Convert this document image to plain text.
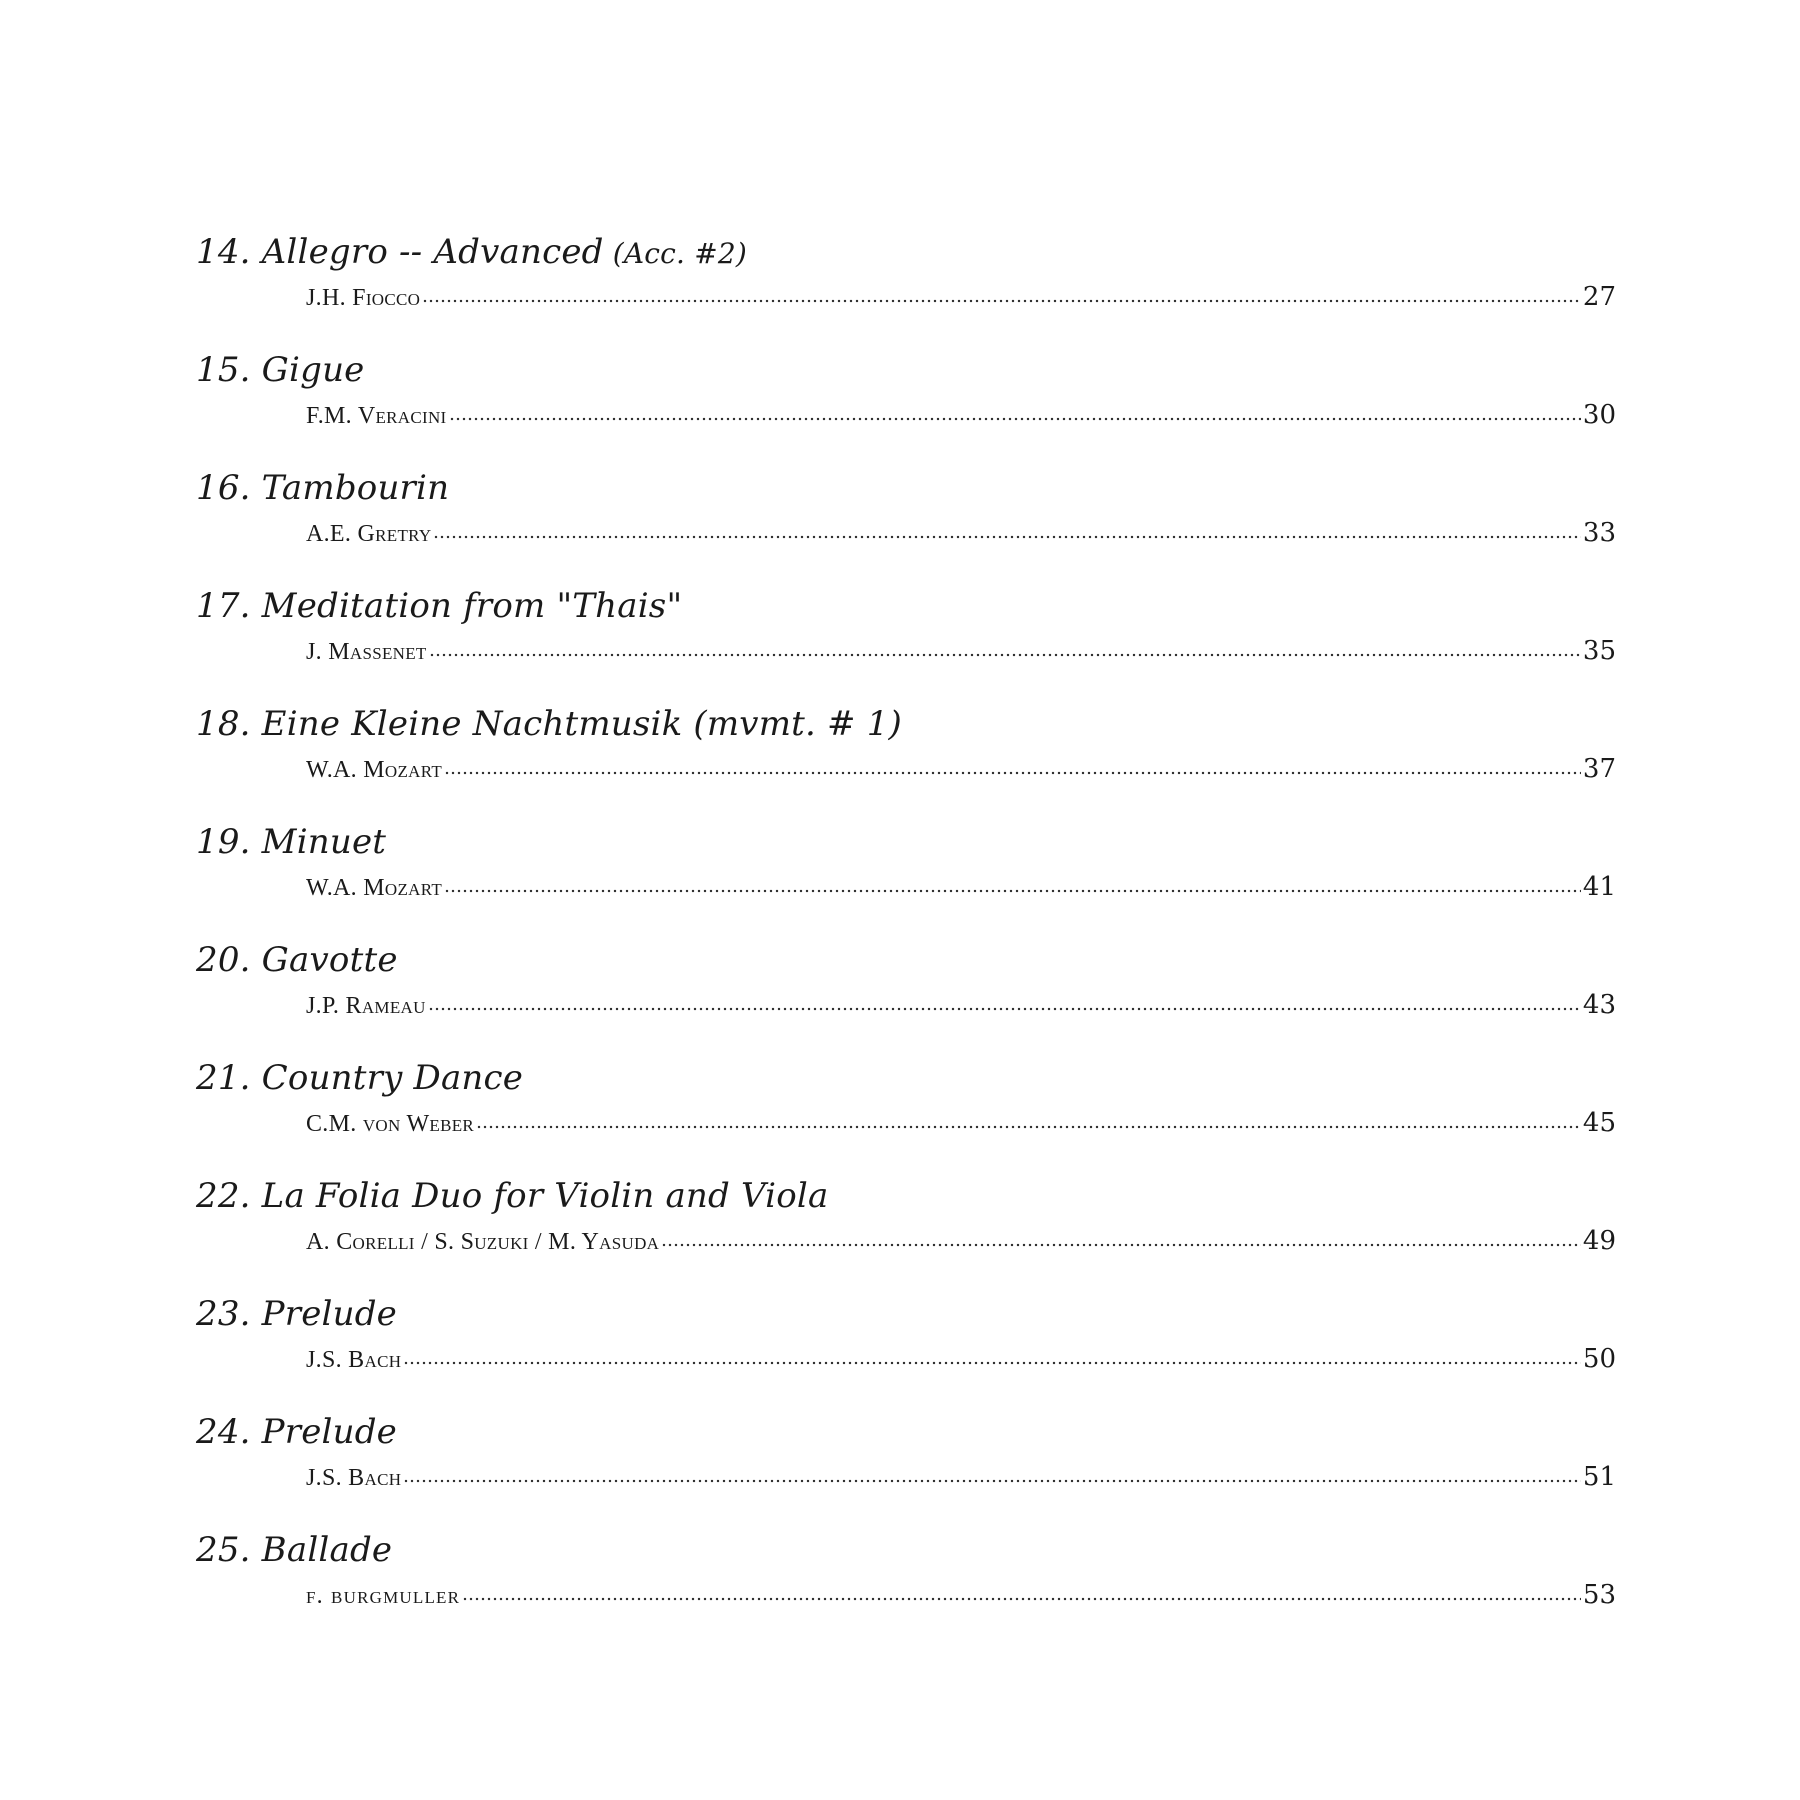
14. Allegro -- Advanced (Acc. #2)
J.H. Fiocco	27
15. Gigue
F.M. Veracini	30
16. Tambourin
A.E. Gretry	33
17. Meditation from "Thais"
J. Massenet	35
18. Eine Kleine Nachtmusik (mvmt. # 1)
W.A. Mozart	37
19. Minuet
W.A. Mozart	41
20. Gavotte
J.P. Rameau	43
21. Country Dance
C.M. von Weber	45
22. La Folia Duo for Violin and Viola
A. Corelli / S. Suzuki / M. Yasuda	49
23. Prelude
J.S. Bach	50
24. Prelude
J.S. Bach	51
25. Ballade
f. burgmuller	53
